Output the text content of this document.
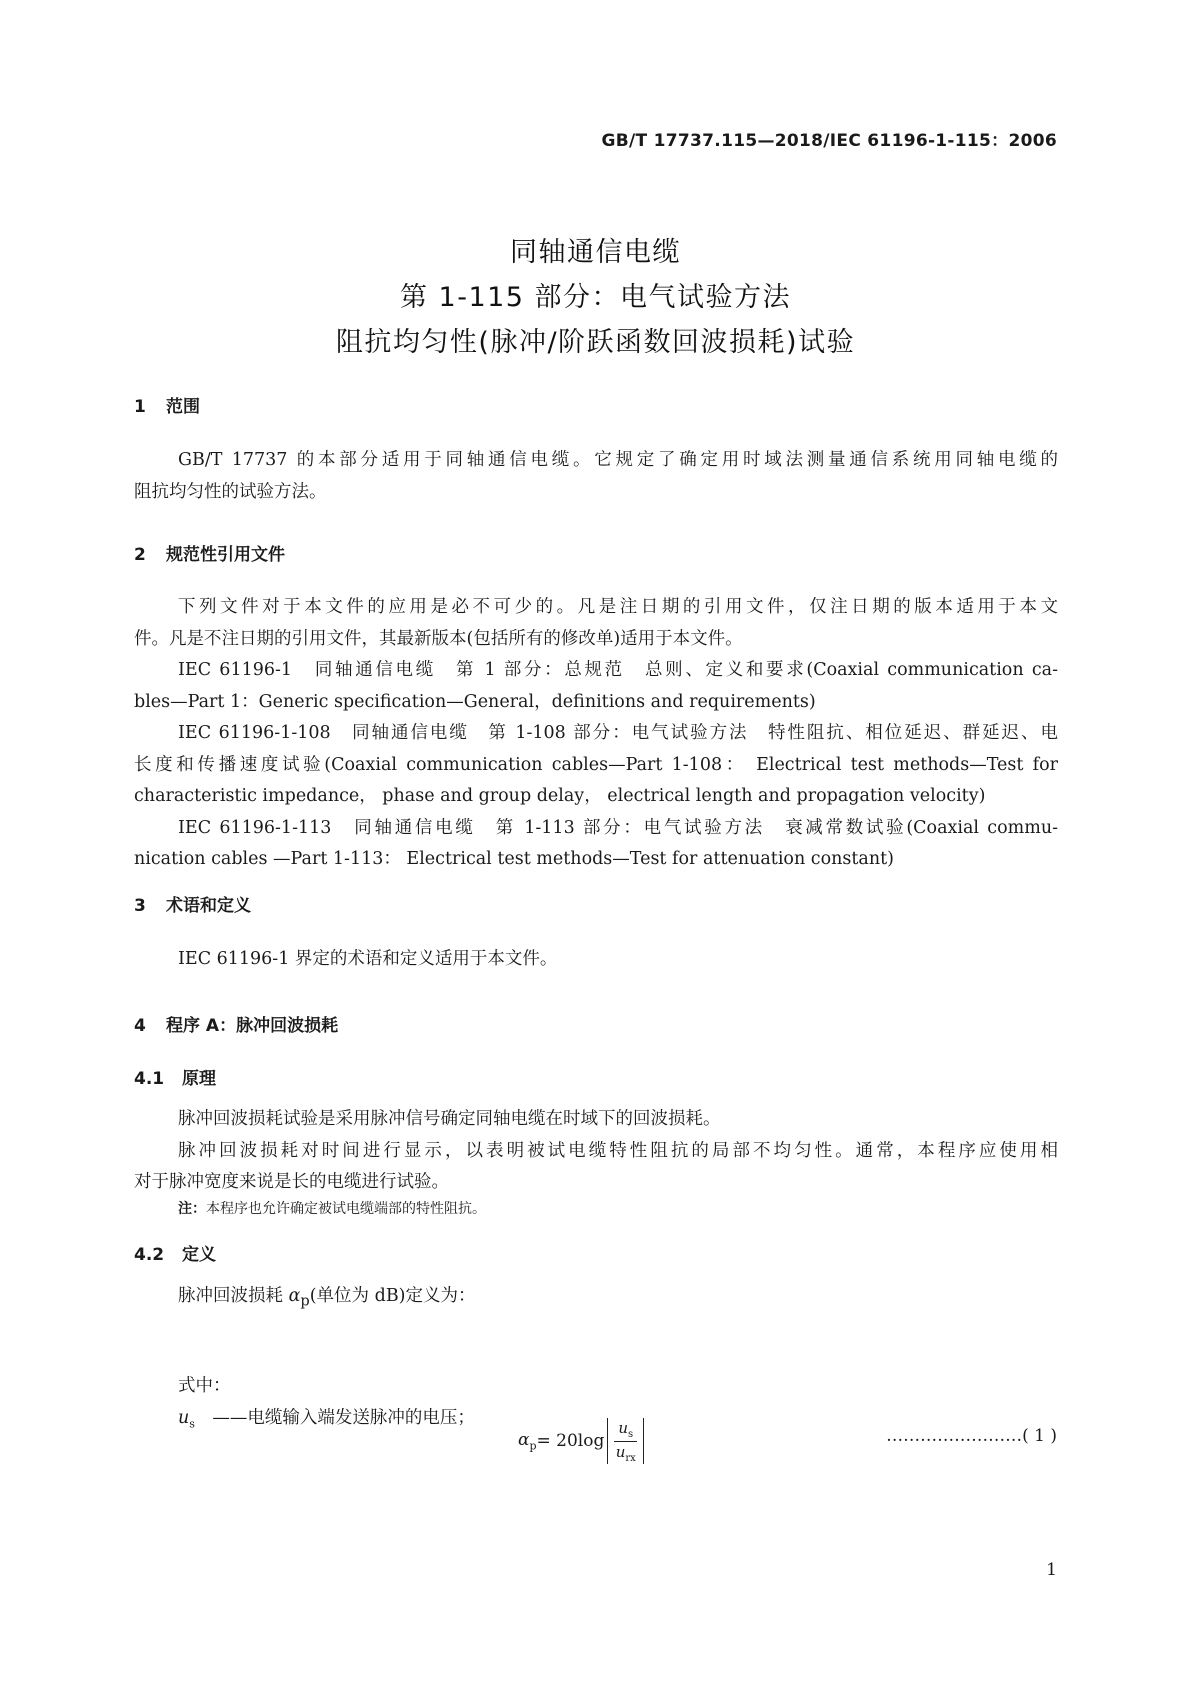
GB/T 17737.115—2018/IEC 61196-1-115：2006
同轴通信电缆
第 1-115 部分：电气试验方法
阻抗均匀性(脉冲/阶跃函数回波损耗)试验
1 范围
GB/T 17737 的本部分适用于同轴通信电缆。它规定了确定用时域法测量通信系统用同轴电缆的
阻抗均匀性的试验方法。
2 规范性引用文件
下列文件对于本文件的应用是必不可少的。凡是注日期的引用文件，仅注日期的版本适用于本文
件。凡是不注日期的引用文件，其最新版本(包括所有的修改单)适用于本文件。
IEC 61196-1　同轴通信电缆　第 1 部分：总规范　总则、定义和要求(Coaxial communication ca-
bles—Part 1：Generic specification—General，definitions and requirements)
IEC 61196-1-108　同轴通信电缆　第 1-108 部分：电气试验方法　特性阻抗、相位延迟、群延迟、电
长度和传播速度试验(Coaxial communication cables—Part 1-108： Electrical test methods—Test for
characteristic impedance， phase and group delay， electrical length and propagation velocity)
IEC 61196-1-113　同轴通信电缆　第 1-113 部分：电气试验方法　衰减常数试验(Coaxial commu-
nication cables —Part 1-113： Electrical test methods—Test for attenuation constant)
3 术语和定义
IEC 61196-1 界定的术语和定义适用于本文件。
4 程序 A：脉冲回波损耗
4.1 原理
脉冲回波损耗试验是采用脉冲信号确定同轴电缆在时域下的回波损耗。
脉冲回波损耗对时间进行显示，以表明被试电缆特性阻抗的局部不均匀性。通常，本程序应使用相
对于脉冲宽度来说是长的电缆进行试验。
注：本程序也允许确定被试电缆端部的特性阻抗。
4.2 定义
脉冲回波损耗 $\alpha_p$(单位为 dB)定义为：
$\alpha_p = 20\log \frac{u_s}{u_{rx}}$	……………………( 1 )
式中：
$u_s$　——电缆输入端发送脉冲的电压；
1
